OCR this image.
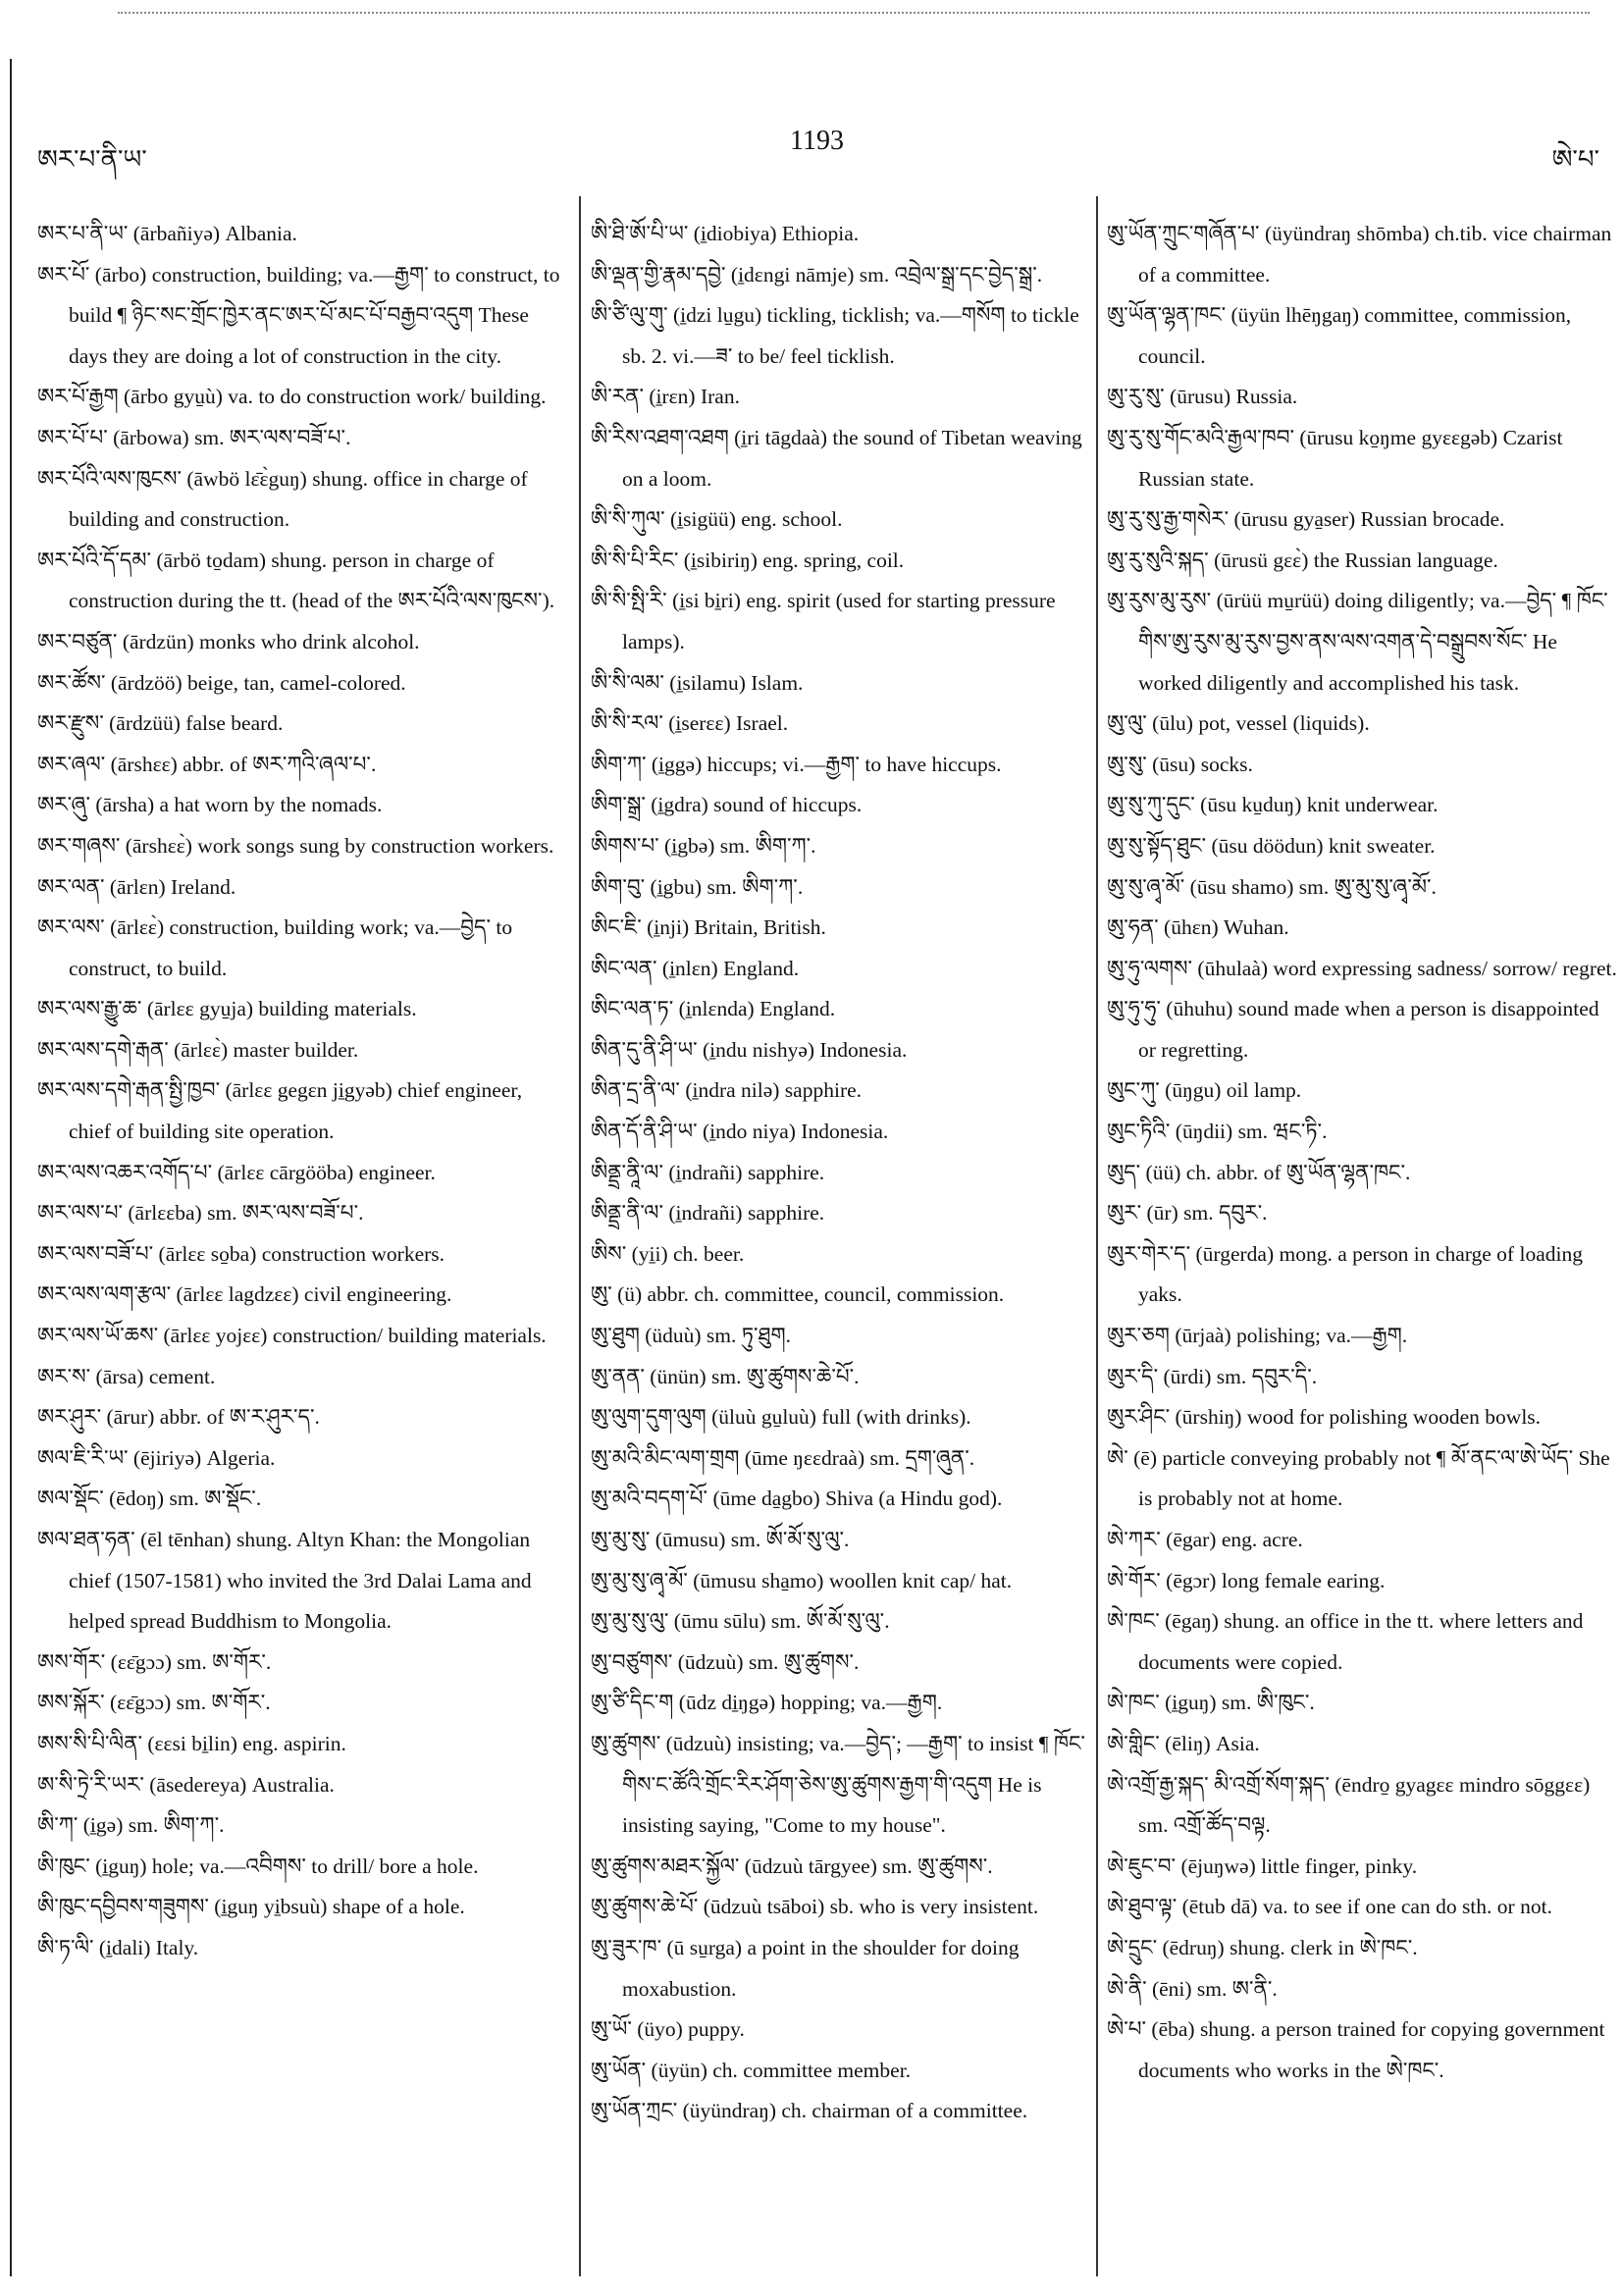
ཨར་པ་ནི་ཡ་
1193
ཨེ་པ་

ཨར་པ་ནི་ཡ་ (ārbañiyə) Albania.

ཨར་པོ་ (ārbo) construction, building; va.—རྒྱག་ to construct, to build ¶ ཉིང་སང་གྲོང་ཁྱེར་ནང་ཨར་པོ་མང་པོ་བརྒྱབ་འདུག These days they are doing a lot of construction in the city.

ཨར་པོ་རྒྱག (ārbo gyu̱ù) va. to do construction work/ building.

ཨར་པོ་པ་ (ārbowa) sm. ཨར་ལས་བཟོ་པ་.

ཨར་པོའི་ལས་ཁུངས་ (āwbö lɛ̄ɛ̀guŋ) shung. office in charge of building and construction.

ཨར་པོའི་དོ་དམ་ (ārbö to̱dam) shung. person in charge of construction during the tt. (head of the ཨར་པོའི་ལས་ཁུངས་).

ཨར་བཙུན་ (ārdzün) monks who drink alcohol.

ཨར་ཚོས་ (ārdzöö) beige, tan, camel-colored.

ཨར་རྫུས་ (ārdzüü) false beard.

ཨར་ཞལ་ (ārshɛɛ) abbr. of ཨར་ཀའི་ཞལ་པ་.

ཨར་ཞུ་ (ārsha) a hat worn by the nomads.

ཨར་གཞས་ (ārshɛɛ̀) work songs sung by construction workers.

ཨར་ལན་ (ārlɛn) Ireland.

ཨར་ལས་ (ārlɛɛ̀) construction, building work; va.—བྱེད་ to construct, to build.

ཨར་ལས་རྒྱུ་ཆ་ (ārlɛɛ gyu̱ja) building materials.

ཨར་ལས་དགེ་རྒན་ (ārlɛɛ̀) master builder.

ཨར་ལས་དགེ་རྒན་སྤྱི་ཁྱབ་ (ārlɛɛ gegɛn ji̱gyəb) chief engineer, chief of building site operation.

ཨར་ལས་འཆར་འགོད་པ་ (ārlɛɛ cārgööba) engineer.

ཨར་ལས་པ་ (ārlɛɛba) sm. ཨར་ལས་བཟོ་པ་.

ཨར་ལས་བཟོ་པ་ (ārlɛɛ so̱ba) construction workers.

ཨར་ལས་ལག་རྩལ་ (ārlɛɛ lagdzɛɛ) civil engineering.

ཨར་ལས་ཡོ་ཆས་ (ārlɛɛ yojɛɛ) construction/ building materials.

ཨར་ས་ (ārsa) cement.

ཨར་ཤུར་ (ārur) abbr. of ཨ་ར་ཤུར་ད་.

ཨལ་ཇི་རི་ཡ་ (ējiriyə) Algeria.

ཨལ་སྡོང་ (ēdoŋ) sm. ཨ་སྡོང་.

ཨལ་ཐན་ཧན་ (ēl tēnhan) shung. Altyn Khan: the Mongolian chief (1507-1581) who invited the 3rd Dalai Lama and helped spread Buddhism to Mongolia.

ཨས་གོར་ (ɛɛ̄gɔɔ) sm. ཨ་གོར་.

ཨས་སྐོར་ (ɛɛ̄gɔɔ) sm. ཨ་གོར་.

ཨས་སི་པི་ལིན་ (ɛɛsi bi̱lin) eng. aspirin.

ཨ་སི་ཏྲེ་རི་ཡར་ (āsedereya) Australia.

ཨི་ཀ་ (i̱gə) sm. ཨིག་ཀ་.

ཨི་ཁུང་ (i̱guŋ) hole; va.—འབིགས་ to drill/ bore a hole.

ཨི་ཁུང་དབྱིབས་གཟུགས་ (i̱guŋ yi̱bsuù) shape of a hole.

ཨི་ཏ་ལི་ (i̱dali) Italy.

ཨི་ཐི་ཨོ་པི་ཡ་ (i̱diobiya) Ethiopia.

ཨི་ལྡན་གྱི་རྣམ་དབྱེ་ (i̱dɛngi nāmje) sm. འབྲེལ་སྒྲ་དང་བྱེད་སྒྲ་.

ཨི་ཙི་ལུ་གུ་ (i̱dzi lu̱gu) tickling, ticklish; va.—གསོག to tickle sb. 2. vi.—ཟ་ to be/ feel ticklish.

ཨི་རན་ (i̱rɛn) Iran.

ཨི་རིས་འཐག་འཐག (i̱ri tāgdaà) the sound of Tibetan weaving on a loom.

ཨི་སི་ཀུལ་ (i̱sigüü) eng. school.

ཨི་སི་པི་རིང་ (i̱sibiriŋ) eng. spring, coil.

ཨི་སི་སྤི་རི་ (i̱si bi̱ri) eng. spirit (used for starting pressure lamps).

ཨི་སི་ལམ་ (i̱silamu) Islam.

ཨི་སི་རལ་ (i̱serɛɛ) Israel.

ཨིག་ཀ་ (i̱ggə) hiccups; vi.—རྒྱག་ to have hiccups.

ཨིག་སྒྲ་ (i̱gdra) sound of hiccups.

ཨིགས་པ་ (i̱gbə) sm. ཨིག་ཀ་.

ཨིག་བུ་ (i̱gbu) sm. ཨིག་ཀ་.

ཨིང་ཇི་ (i̱nji) Britain, British.

ཨིང་ལན་ (i̱nlɛn) England.

ཨིང་ལན་ཏ་ (i̱nlɛnda) England.

ཨིན་དུ་ནི་ཤི་ཡ་ (i̱ndu nishyə) Indonesia.

ཨིན་དྲ་ནི་ལ་ (i̱ndra nilə) sapphire.

ཨིན་དོ་ནི་ཤི་ཡ་ (i̱ndo niya) Indonesia.

ཨིནྡྲ་ནཱི་ལ་ (i̱ndrañi) sapphire.

ཨིནྡྲ་ནི་ལ་ (i̱ndrañi) sapphire.

ཨིས་ (yi̱i) ch. beer.

ཨུ་ (ü) abbr. ch. committee, council, commission.

ཨུ་ཐུག (üduù) sm. ཏུ་ཐུག.

ཨུ་ནན་ (ünün) sm. ཨུ་ཚུགས་ཆེ་པོ་.

ཨུ་ལུག་དུག་ལུག (üluù gu̱luù) full (with drinks).

ཨུ་མའི་མིང་ལག་གྲག (ūme ŋɛɛdraà) sm. དྲག་ཞུན་.

ཨུ་མའི་བདག་པོ་ (ūme da̱gbo) Shiva (a Hindu god).

ཨུ་མུ་སུ་ (ūmusu) sm. ཨོ་མོ་སུ་ལུ་.

ཨུ་མུ་སུ་ཞྭ་མོ་ (ūmusu sha̱mo) woollen knit cap/ hat.

ཨུ་མུ་སུ་ལུ་ (ūmu sūlu) sm. ཨོ་མོ་སུ་ལུ་.

ཨུ་བཙུགས་ (ūdzuù) sm. ཨུ་ཚུགས་.

ཨུ་ཙི་དིང་ག (ūdz di̱ŋgə) hopping; va.—རྒྱག.

ཨུ་ཚུགས་ (ūdzuù) insisting; va.—བྱེད་; —རྒྱག་ to insist ¶ ཁོང་གིས་ང་ཚོའི་གྲོང་རིར་ཤོག་ཅེས་ཨུ་ཚུགས་རྒྱག་གི་འདུག He is insisting saying, "Come to my house".

ཨུ་ཚུགས་མཐར་སྐྱོལ་ (ūdzuù tārgyee) sm. ཨུ་ཚུགས་.

ཨུ་ཚུགས་ཆེ་པོ་ (ūdzuù tsāboi) sb. who is very insistent.

ཨུ་ཟུར་ཁ་ (ū su̱rga) a point in the shoulder for doing moxabustion.

ཨུ་ཡོ་ (üyo) puppy.

ཨུ་ཡོན་ (üyün) ch. committee member.

ཨུ་ཡོན་ཀྲང་ (üyündraŋ) ch. chairman of a committee.

ཨུ་ཡོན་ཀྲུང་གཞོན་པ་ (üyündraŋ shōmba) ch.tib. vice chairman of a committee.

ཨུ་ཡོན་ལྷན་ཁང་ (üyün lhēŋgaŋ) committee, commission, council.

ཨུ་རུ་སུ་ (ūrusu) Russia.

ཨུ་རུ་སུ་གོང་མའི་རྒྱལ་ཁབ་ (ūrusu ko̱ŋme gyɛɛgəb) Czarist Russian state.

ཨུ་རུ་སུ་རྒྱ་གསེར་ (ūrusu gya̱ser) Russian brocade.

ཨུ་རུ་སུའི་སྐད་ (ūrusü gɛɛ̀) the Russian language.

ཨུ་རུས་མུ་རུས་ (ūrüü mu̱rüü) doing diligently; va.—བྱེད་ ¶ ཁོང་གིས་ཨུ་རུས་མུ་རུས་བྱས་ནས་ལས་འགན་དེ་བསྒྲུབས་སོང་ He worked diligently and accomplished his task.

ཨུ་ལུ་ (ūlu) pot, vessel (liquids).

ཨུ་སུ་ (ūsu) socks.

ཨུ་སུ་ཀུ་དུང་ (ūsu ku̱duŋ) knit underwear.

ཨུ་སུ་སྟོད་ཐུང་ (ūsu döödun) knit sweater.

ཨུ་སུ་ཞྭ་མོ་ (ūsu shamo) sm. ཨུ་མུ་སུ་ཞྭ་མོ་.

ཨུ་ཧན་ (ūhɛn) Wuhan.

ཨུ་ཧུ་ལགས་ (ūhulaà) word expressing sadness/ sorrow/ regret.

ཨུ་ཧུ་ཧུ་ (ūhuhu) sound made when a person is disappointed or regretting.

ཨུང་ཀུ་ (ūŋgu) oil lamp.

ཨུང་ཏིའི་ (ūŋdii) sm. ཝང་ཏི་.

ཨུད་ (üü) ch. abbr. of ཨུ་ཡོན་ལྷན་ཁང་.

ཨུར་ (ūr) sm. དབུར་.

ཨུར་གེར་ད་ (ūrgerda) mong. a person in charge of loading yaks.

ཨུར་ཅག (ūrjaà) polishing; va.—རྒྱག.

ཨུར་དི་ (ūrdi) sm. དབུར་དི་.

ཨུར་ཤིང་ (ūrshiŋ) wood for polishing wooden bowls.

ཨེ་ (ē) particle conveying probably not ¶ མོ་ནང་ལ་ཨེ་ཡོད་ She is probably not at home.

ཨེ་ཀར་ (ēgar) eng. acre.

ཨེ་གོར་ (ēgɔr) long female earing.

ཨེ་ཁང་ (ēgaŋ) shung. an office in the tt. where letters and documents were copied.

ཨེ་ཁང་ (i̱guŋ) sm. ཨི་ཁུང་.

ཨེ་གླིང་ (ēliŋ) Asia.

ཨེ་འགྲོ་རྒྱ་སྐད་ མི་འགྲོ་སོག་སྐད་ (ēndro̱ gyagɛɛ mindro sōggɛɛ) sm. འགྲོ་ཚོད་བལྟ.

ཨེ་ཇུང་བ་ (ējuŋwə) little finger, pinky.

ཨེ་ཐུབ་ལྟ་ (ētub dā) va. to see if one can do sth. or not.

ཨེ་དྲུང་ (ēdruŋ) shung. clerk in ཨེ་ཁང་.

ཨེ་ནི་ (ēni) sm. ཨ་ནི་.

ཨེ་པ་ (ēba) shung. a person trained for copying government documents who works in the ཨེ་ཁང་.
